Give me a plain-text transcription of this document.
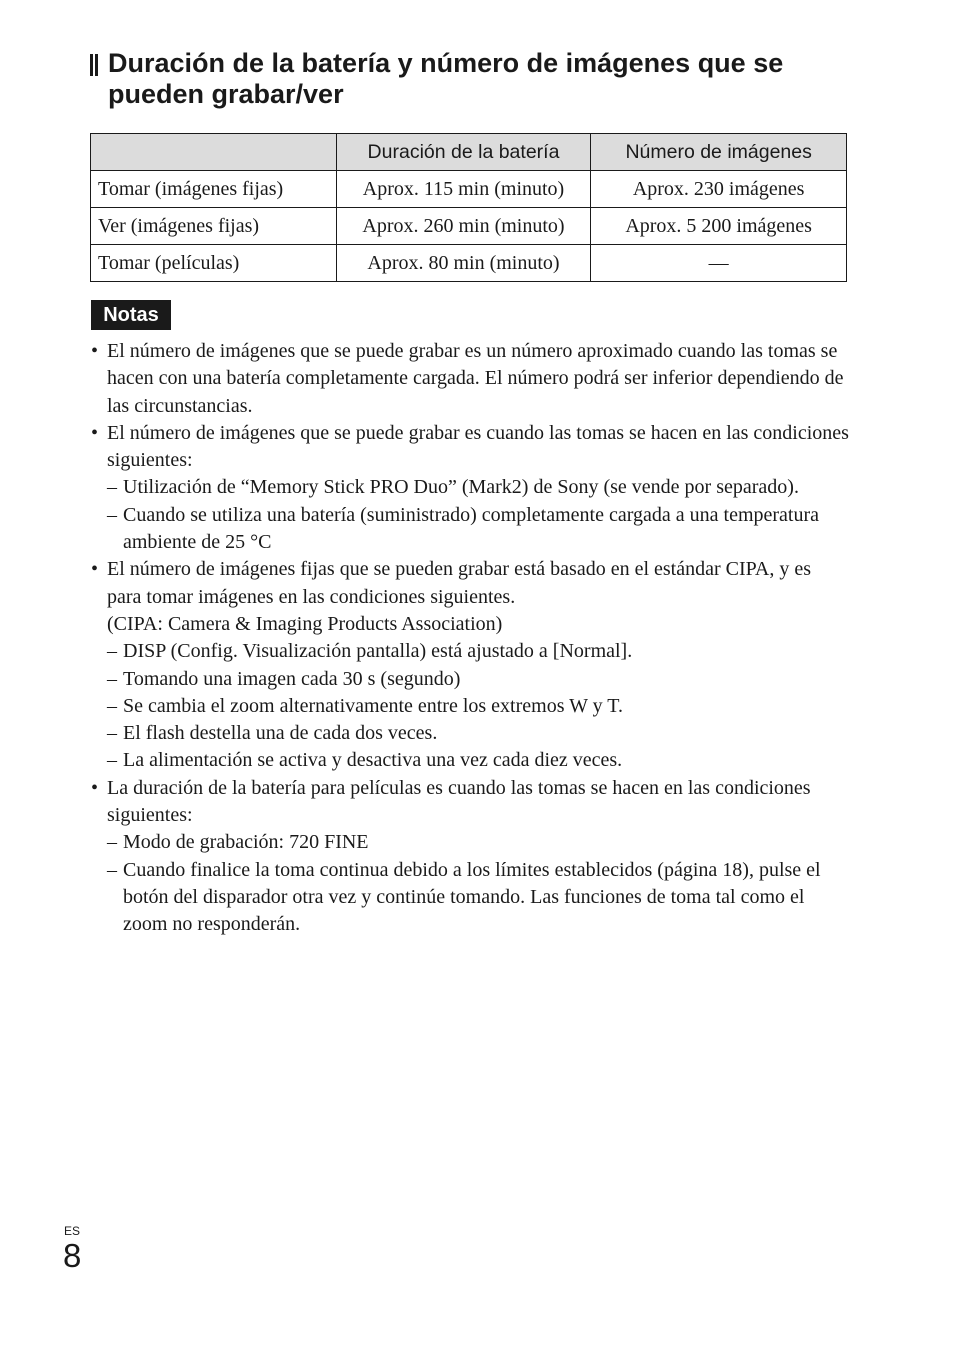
Duración de la batería y número de imágenes que se pueden grabar/ver
	Duración de la batería	Número de imágenes
Tomar (imágenes fijas)	Aprox. 115 min (minuto)	Aprox. 230 imágenes
Ver (imágenes fijas)	Aprox. 260 min (minuto)	Aprox. 5 200 imágenes
Tomar (películas)	Aprox. 80 min (minuto)	—
Notas
• El número de imágenes que se puede grabar es un número aproximado cuando las tomas se hacen con una batería completamente cargada. El número podrá ser inferior dependiendo de las circunstancias.
• El número de imágenes que se puede grabar es cuando las tomas se hacen en las condiciones siguientes:
– Utilización de “Memory Stick PRO Duo” (Mark2) de Sony (se vende por separado).
– Cuando se utiliza una batería (suministrado) completamente cargada a una temperatura ambiente de 25 °C
• El número de imágenes fijas que se pueden grabar está basado en el estándar CIPA, y es para tomar imágenes en las condiciones siguientes.
(CIPA: Camera & Imaging Products Association)
– DISP (Config. Visualización pantalla) está ajustado a [Normal].
– Tomando una imagen cada 30 s (segundo)
– Se cambia el zoom alternativamente entre los extremos W y T.
– El flash destella una de cada dos veces.
– La alimentación se activa y desactiva una vez cada diez veces.
• La duración de la batería para películas es cuando las tomas se hacen en las condiciones siguientes:
– Modo de grabación: 720 FINE
– Cuando finalice la toma continua debido a los límites establecidos (página 18), pulse el botón del disparador otra vez y continúe tomando. Las funciones de toma tal como el zoom no responderán.
ES
8
